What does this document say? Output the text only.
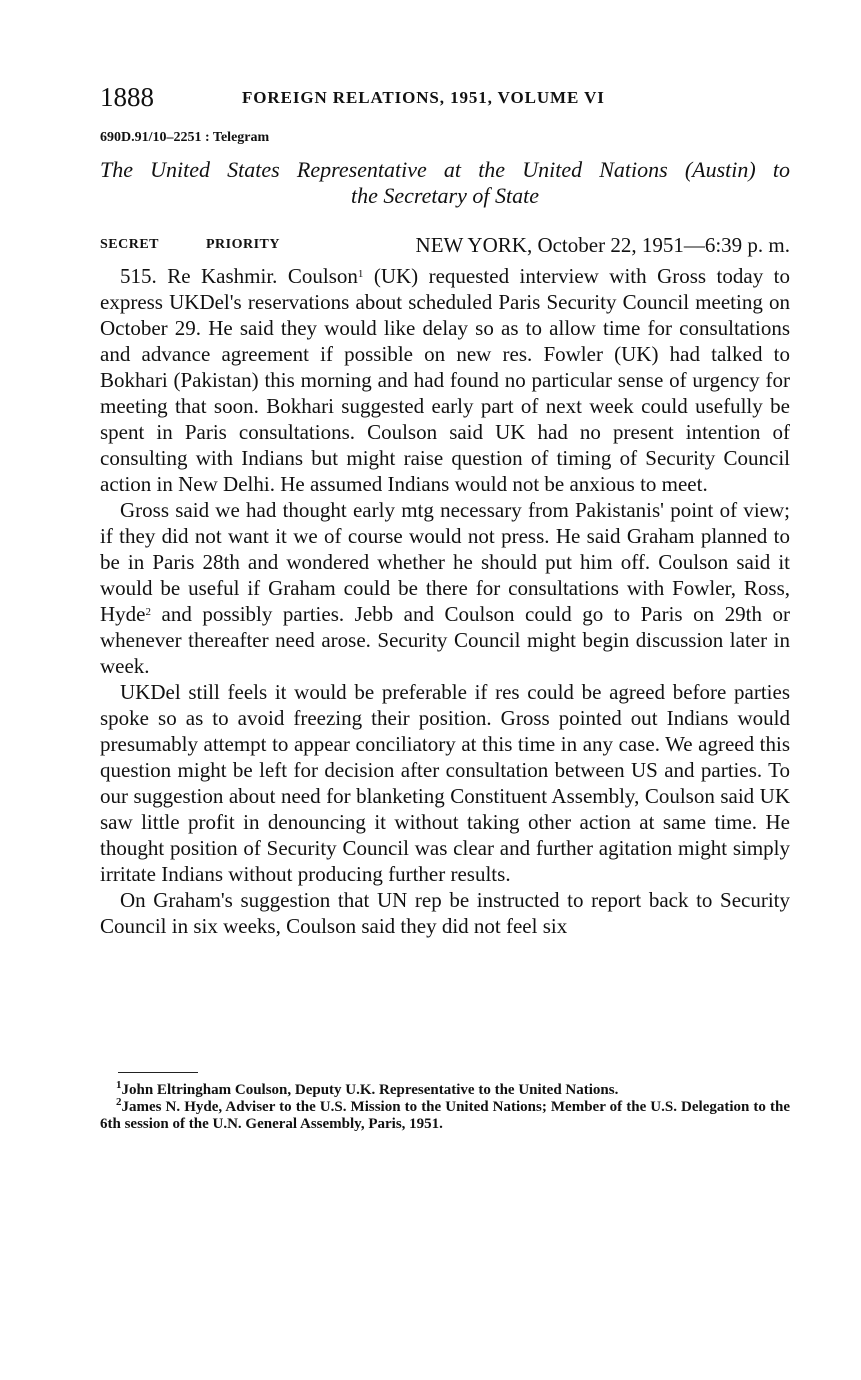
1888	FOREIGN RELATIONS, 1951, VOLUME VI
690D.91/10–2251 : Telegram
The United States Representative at the United Nations (Austin) to
the Secretary of State
SECRET	PRIORITY	NEW YORK, October 22, 1951—6:39 p. m.

515. Re Kashmir. Coulson$^1$ (UK) requested interview with Gross today to express UKDel's reservations about scheduled Paris Security Council meeting on October 29. He said they would like delay so as to allow time for consultations and advance agreement if possible on new res. Fowler (UK) had talked to Bokhari (Pakistan) this morning and had found no particular sense of urgency for meeting that soon. Bokhari suggested early part of next week could usefully be spent in Paris consultations. Coulson said UK had no present intention of consulting with Indians but might raise question of timing of Security Council action in New Delhi. He assumed Indians would not be anxious to meet.

Gross said we had thought early mtg necessary from Pakistanis' point of view; if they did not want it we of course would not press. He said Graham planned to be in Paris 28th and wondered whether he should put him off. Coulson said it would be useful if Graham could be there for consultations with Fowler, Ross, Hyde$^2$ and possibly parties. Jebb and Coulson could go to Paris on 29th or whenever thereafter need arose. Security Council might begin discussion later in week.

UKDel still feels it would be preferable if res could be agreed before parties spoke so as to avoid freezing their position. Gross pointed out Indians would presumably attempt to appear conciliatory at this time in any case. We agreed this question might be left for decision after consultation between US and parties. To our suggestion about need for blanketing Constituent Assembly, Coulson said UK saw little profit in denouncing it without taking other action at same time. He thought position of Security Council was clear and further agitation might simply irritate Indians without producing further results.

On Graham's suggestion that UN rep be instructed to report back to Security Council in six weeks, Coulson said they did not feel six

$^1$John Eltringham Coulson, Deputy U.K. Representative to the United Nations.

$^2$James N. Hyde, Adviser to the U.S. Mission to the United Nations; Member of the U.S. Delegation to the 6th session of the U.N. General Assembly, Paris, 1951.
